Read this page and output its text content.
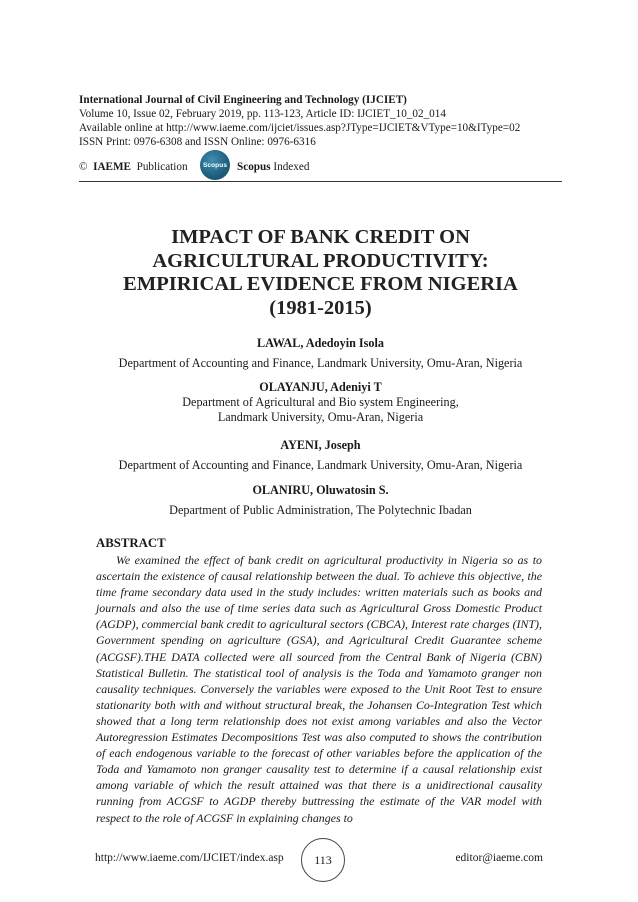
International Journal of Civil Engineering and Technology (IJCIET)
Volume 10, Issue 02, February 2019, pp. 113-123, Article ID: IJCIET_10_02_014
Available online at http://www.iaeme.com/ijciet/issues.asp?JType=IJCIET&VType=10&IType=02
ISSN Print: 0976-6308 and ISSN Online: 0976-6316
© IAEME Publication	Scopus Scopus Indexed
IMPACT OF BANK CREDIT ON
AGRICULTURAL PRODUCTIVITY:
EMPIRICAL EVIDENCE FROM NIGERIA
(1981-2015)
LAWAL, Adedoyin Isola
Department of Accounting and Finance, Landmark University, Omu-Aran, Nigeria
OLAYANJU, Adeniyi T
Department of Agricultural and Bio system Engineering,
Landmark University, Omu-Aran, Nigeria
AYENI, Joseph
Department of Accounting and Finance, Landmark University, Omu-Aran, Nigeria
OLANIRU, Oluwatosin S.
Department of Public Administration, The Polytechnic Ibadan
ABSTRACT
We examined the effect of bank credit on agricultural productivity in Nigeria so as to ascertain the existence of causal relationship between the dual. To achieve this objective, the time frame secondary data used in the study includes: written materials such as books and journals and also the use of time series data such as Agricultural Gross Domestic Product (AGDP), commercial bank credit to agricultural sectors (CBCA), Interest rate charges (INT), Government spending on agriculture (GSA), and Agricultural Credit Guarantee scheme (ACGSF).THE DATA collected were all sourced from the Central Bank of Nigeria (CBN) Statistical Bulletin. The statistical tool of analysis is the Toda and Yamamoto granger non causality techniques. Conversely the variables were exposed to the Unit Root Test to ensure stationarity both with and without structural break, the Johansen Co-Integration Test which showed that a long term relationship does not exist among variables and also the Vector Autoregression Estimates Decompositions Test was also computed to shows the contribution of each endogenous variable to the forecast of other variables before the application of the Toda and Yamamoto non granger causality test to determine if a causal relationship exist among variable of which the result attained was that there is a unidirectional causality running from ACGSF to AGDP thereby buttressing the estimate of the VAR model with respect to the role of ACGSF in explaining changes to
http://www.iaeme.com/IJCIET/index.asp	113	editor@iaeme.com
